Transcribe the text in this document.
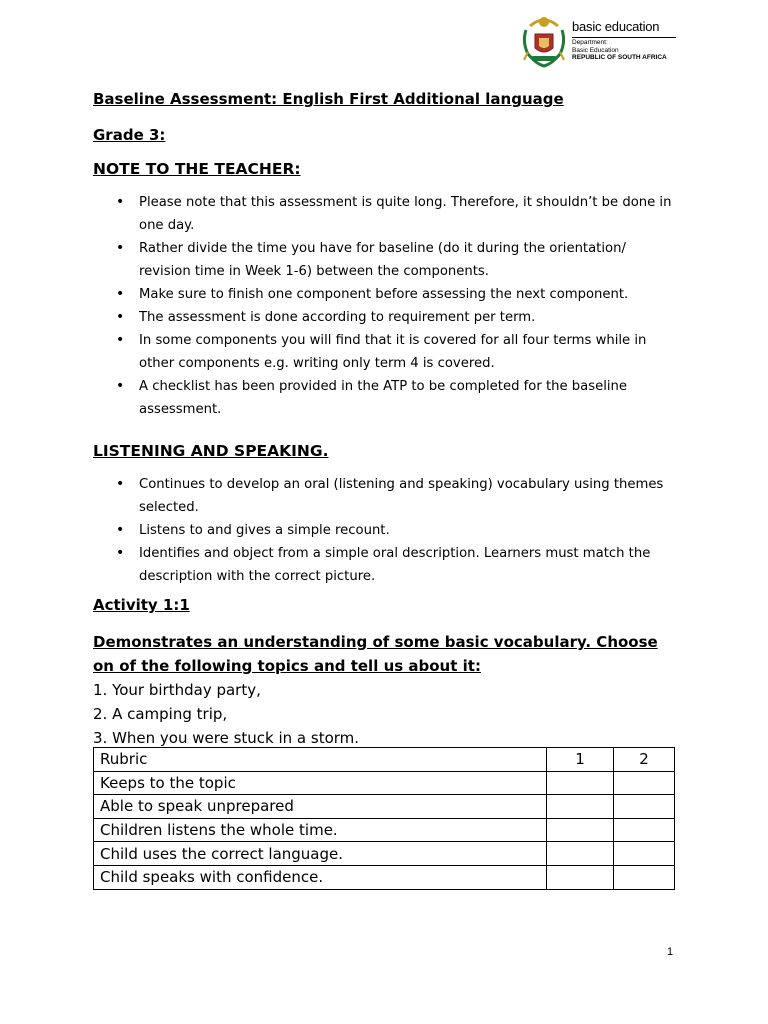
basic education
Department:
Basic Education
REPUBLIC OF SOUTH AFRICA
Baseline Assessment: English First Additional language
Grade 3:
NOTE TO THE TEACHER:
• Please note that this assessment is quite long. Therefore, it shouldn’t be done in one day.
• Rather divide the time you have for baseline (do it during the orientation/ revision time in Week 1-6) between the components.
• Make sure to finish one component before assessing the next component.
• The assessment is done according to requirement per term.
• In some components you will find that it is covered for all four terms while in other components e.g. writing only term 4 is covered.
• A checklist has been provided in the ATP to be completed for the baseline assessment.
LISTENING AND SPEAKING.
• Continues to develop an oral (listening and speaking) vocabulary using themes selected.
• Listens to and gives a simple recount.
• Identifies and object from a simple oral description. Learners must match the description with the correct picture.
Activity 1:1
Demonstrates an understanding of some basic vocabulary. Choose on of the following topics and tell us about it:
1. Your birthday party,
2. A camping trip,
3. When you were stuck in a storm.
Rubric	1	2
Keeps to the topic		
Able to speak unprepared		
Children listens the whole time.		
Child uses the correct language.		
Child speaks with confidence.		
1
